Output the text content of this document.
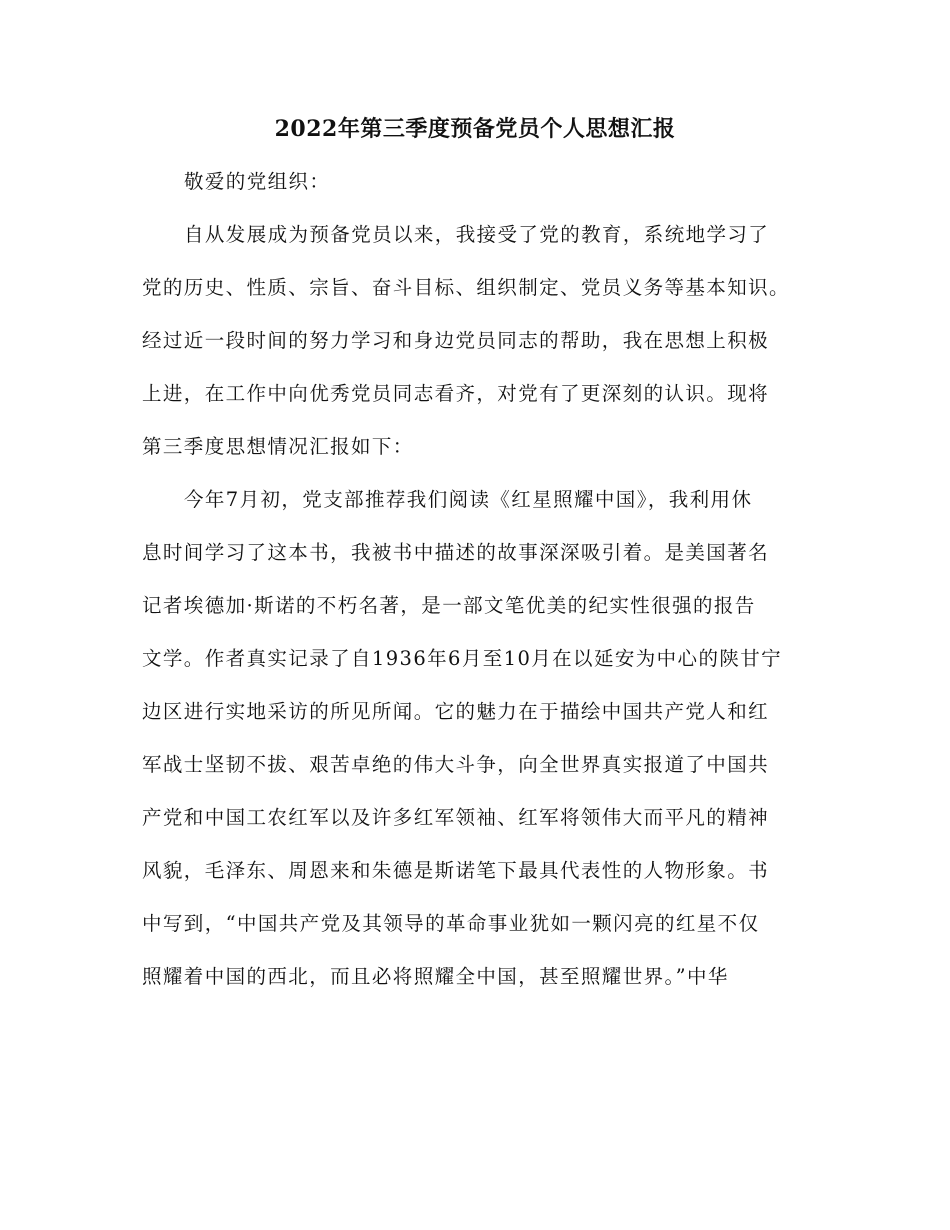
2022年第三季度预备党员个人思想汇报
敬爱的党组织：
自从发展成为预备党员以来，我接受了党的教育，系统地学习了
党的历史、性质、宗旨、奋斗目标、组织制定、党员义务等基本知识。
经过近一段时间的努力学习和身边党员同志的帮助，我在思想上积极
上进，在工作中向优秀党员同志看齐，对党有了更深刻的认识。现将
第三季度思想情况汇报如下：
今年7月初，党支部推荐我们阅读《红星照耀中国》，我利用休
息时间学习了这本书，我被书中描述的故事深深吸引着。是美国著名
记者埃德加·斯诺的不朽名著，是一部文笔优美的纪实性很强的报告
文学。作者真实记录了自1936年6月至10月在以延安为中心的陕甘宁
边区进行实地采访的所见所闻。它的魅力在于描绘中国共产党人和红
军战士坚韧不拔、艰苦卓绝的伟大斗争，向全世界真实报道了中国共
产党和中国工农红军以及许多红军领袖、红军将领伟大而平凡的精神
风貌，毛泽东、周恩来和朱德是斯诺笔下最具代表性的人物形象。书
中写到，“中国共产党及其领导的革命事业犹如一颗闪亮的红星不仅
照耀着中国的西北，而且必将照耀全中国，甚至照耀世界。”中华
